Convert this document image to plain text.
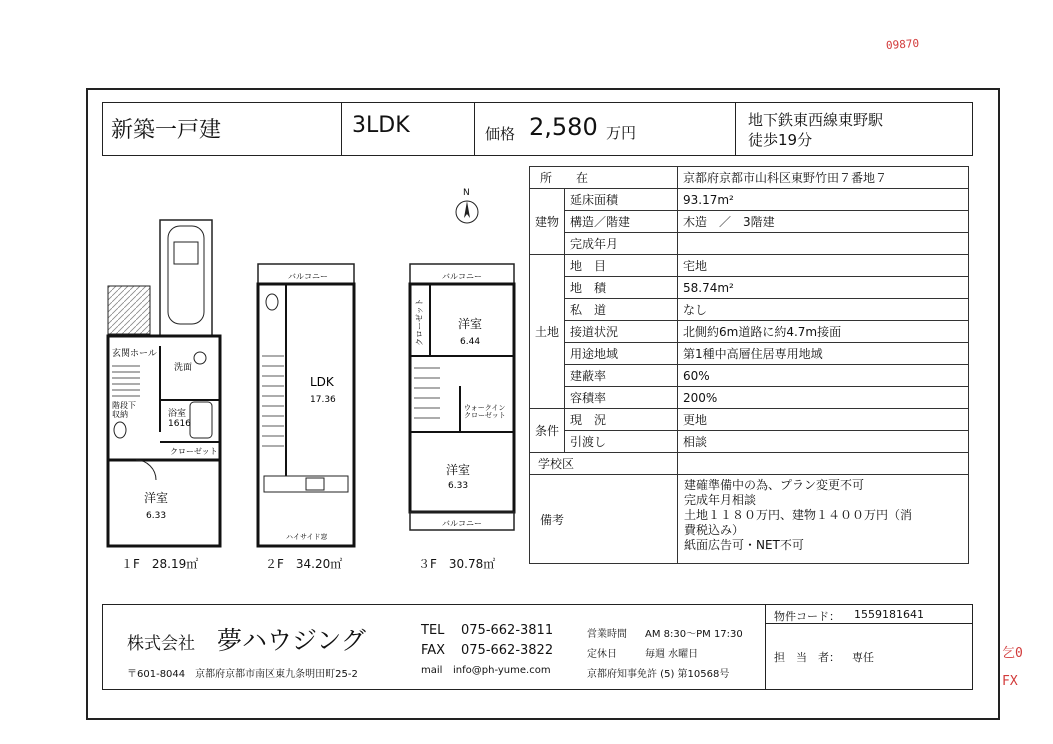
09870
乞0
FX
新築一戸建	3LDK	価格 2,580 万円
地下鉄東西線東野駅
徒歩19分
N
所　　在		京都府京都市山科区東野竹田７番地７
建物	延床面積	93.17m²
	構造／階建	木造　／　3階建
	完成年月	
土地	地　目	宅地
	地　積	58.74m²
	私　道	なし
	接道状況	北側約6m道路に約4.7m接面
	用途地域	第1種中高層住居専用地域
	建蔽率	60%
	容積率	200%
条件	現　況	更地
	引渡し	相談
学校区		
備考		建確準備中の為、プラン変更不可
完成年月相談
土地１１８０万円、建物１４００万円（消
費税込み）
紙面広告可・NET不可
玄関ホール
洗面
階段下収納	浴室 1616
クローゼット
洋室
6.33
バルコニー
LDK
17.36
ハイサイド窓
バルコニー
クローゼット	洋室
6.44
ウォークインクローゼット
洋室
6.33
バルコニー
１F　28.19㎡	２F　34.20㎡	３F　30.78㎡
株式会社 夢ハウジング
〒601-8044　京都府京都市南区東九条明田町25-2
TEL 075-662-3811
FAX 075-662-3822
mail info@ph-yume.com
営業時間 AM 8:30～PM 17:30
定休日	毎週 水曜日
京都府知事免許 (5) 第10568号
物件コード： 1559181641
担　当　者： 専任
